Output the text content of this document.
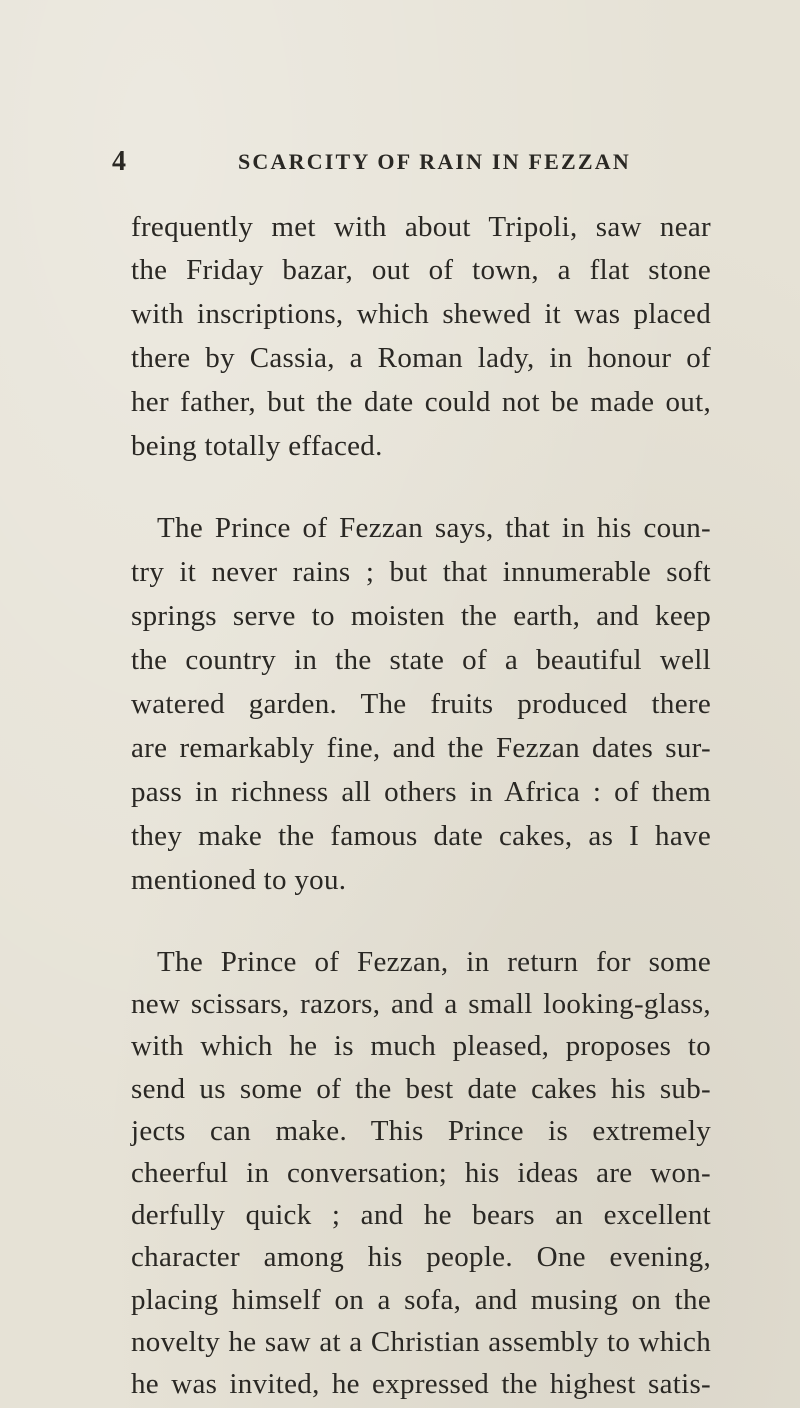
4	SCARCITY OF RAIN IN FEZZAN
frequently met with about Tripoli, saw near
the Friday bazar, out of town, a flat stone
with inscriptions, which shewed it was placed
there by Cassia, a Roman lady, in honour of
her father, but the date could not be made out,
being totally effaced.
The Prince of Fezzan says, that in his coun-
try it never rains ; but that innumerable soft
springs serve to moisten the earth, and keep
the country in the state of a beautiful well
watered garden. The fruits produced there
are remarkably fine, and the Fezzan dates sur-
pass in richness all others in Africa : of them
they make the famous date cakes, as I have
mentioned to you.
The Prince of Fezzan, in return for some
new scissars, razors, and a small looking-glass,
with which he is much pleased, proposes to
send us some of the best date cakes his sub-
jects can make. This Prince is extremely
cheerful in conversation; his ideas are won-
derfully quick ; and he bears an excellent
character among his people. One evening,
placing himself on a sofa, and musing on the
novelty he saw at a Christian assembly to which
he was invited, he expressed the highest satis-
